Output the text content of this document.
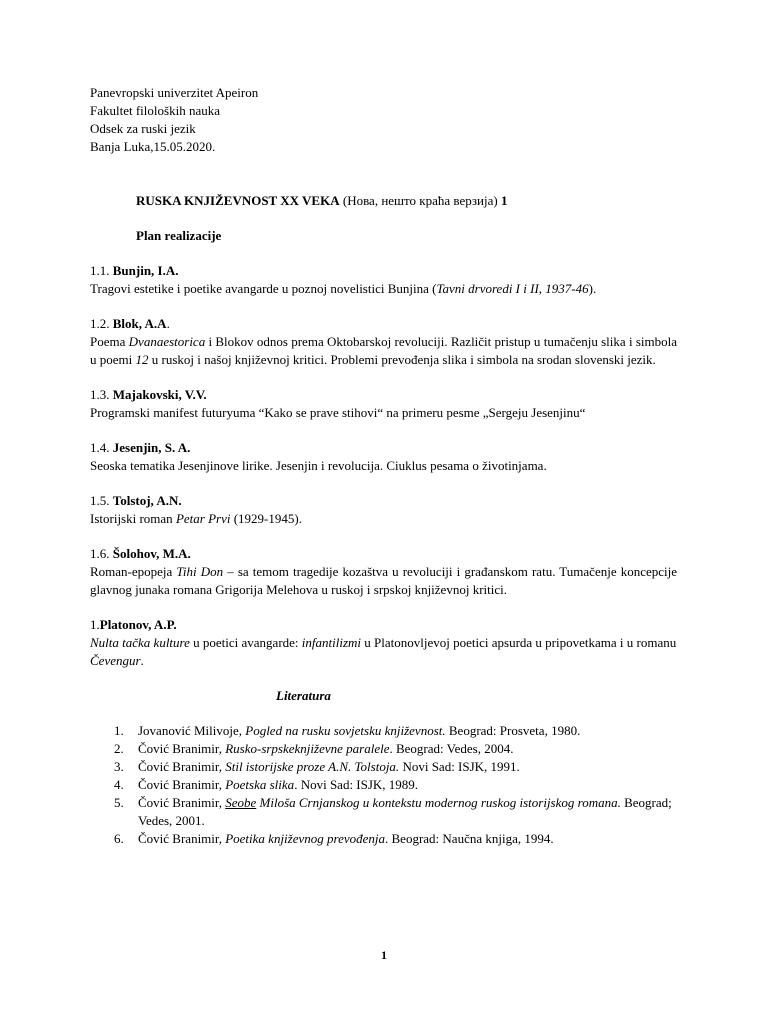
Panevropski univerzitet Apeiron
Fakultet filoloških nauka
Odsek za ruski jezik
Banja Luka,15.05.2020.
RUSKA KNJIŽEVNOST XX VEKA (Нова, нешто краћа верзија) 1
Plan realizacije
1.1. Bunjin, I.A.
Tragovi estetike i poetike avangarde u poznoj novelistici Bunjina (Tavni drvoredi I i II, 1937-46).
1.2. Blok, A.A.
Poema Dvanaestorica i Blokov odnos prema Oktobarskoj revoluciji. Različit pristup u tumačenju slika i simbola u poemi 12 u ruskoj i našoj književnoj kritici. Problemi prevođenja slika i simbola na srodan slovenski jezik.
1.3. Majakovski, V.V.
Programski manifest futuryuma “Kako se prave stihovi“ na primeru pesme „Sergeju Jesenjinu“
1.4. Jesenjin, S. A.
Seoska tematika Jesenjinove lirike. Jesenjin i revolucija. Ciuklus pesama o životinjama.
1.5. Tolstoj, A.N.
Istorijski roman Petar Prvi (1929-1945).
1.6. Šolohov, M.A.
Roman-epopeja Tihi Don – sa temom tragedije kozaštva u revoluciji i građanskom ratu. Tumačenje koncepcije glavnog junaka romana Grigorija Melehova u ruskoj i srpskoj književnoj kritici.
1.Platonov, A.P.
Nulta tačka kulture u poetici avangarde: infantilizmi u Platonovljevoj poetici apsurda u pripovetkama i u romanu Čevengur.
Literatura
1. Jovanović Milivoje, Pogled na rusku sovjetsku književnost. Beograd: Prosveta, 1980.
2. Čović Branimir, Rusko-srpskeknjiževne paralele. Beograd: Vedes, 2004.
3. Čović Branimir, Stil istorijske proze A.N. Tolstoja. Novi Sad: ISJK, 1991.
4. Čović Branimir, Poetska slika. Novi Sad: ISJK, 1989.
5. Čović Branimir, Seobe Miloša Crnjanskog u kontekstu modernog ruskog istorijskog romana. Beograd; Vedes, 2001.
6. Čović Branimir, Poetika književnog prevođenja. Beograd: Naučna knjiga, 1994.
1
